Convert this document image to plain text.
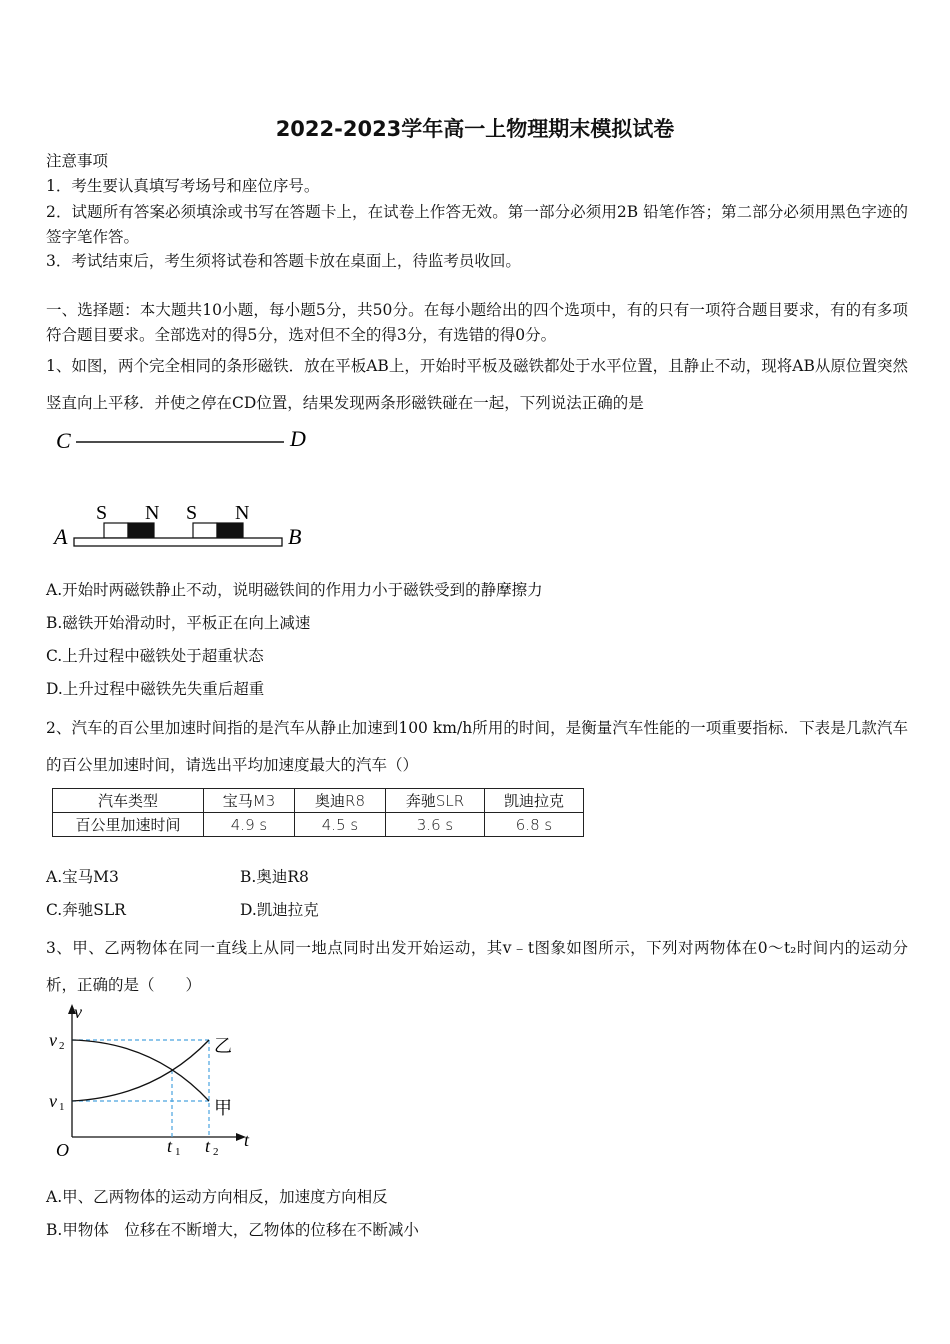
2022-2023学年高一上物理期末模拟试卷
注意事项
1．考生要认真填写考场号和座位序号。
2．试题所有答案必须填涂或书写在答题卡上，在试卷上作答无效。第一部分必须用2B 铅笔作答；第二部分必须用黑色字迹的签字笔作答。
3．考试结束后，考生须将试卷和答题卡放在桌面上，待监考员收回。
一、选择题：本大题共10小题，每小题5分，共50分。在每小题给出的四个选项中，有的只有一项符合题目要求，有的有多项符合题目要求。全部选对的得5分，选对但不全的得3分，有选错的得0分。
1、如图，两个完全相同的条形磁铁．放在平板AB上，开始时平板及磁铁都处于水平位置，且静止不动，现将AB从原位置突然竖直向上平移．并使之停在CD位置，结果发现两条形磁铁碰在一起，下列说法正确的是
C	D
S N S N
A	B
A.开始时两磁铁静止不动，说明磁铁间的作用力小于磁铁受到的静摩擦力
B.磁铁开始滑动时，平板正在向上减速
C.上升过程中磁铁处于超重状态
D.上升过程中磁铁先失重后超重
2、汽车的百公里加速时间指的是汽车从静止加速到100 km/h所用的时间，是衡量汽车性能的一项重要指标．下表是几款汽车的百公里加速时间，请选出平均加速度最大的汽车（）
汽车类型	宝马M3	奥迪R8	奔驰SLR	凯迪拉克
百公里加速时间	4.9 s	4.5 s	3.6 s	6.8 s
A.宝马M3	B.奥迪R8
C.奔驰SLR	D.凯迪拉克
3、甲、乙两物体在同一直线上从同一地点同时出发开始运动，其v﹣t图象如图所示，下列对两物体在0～t₂时间内的运动分析，正确的是（　　）
v
t
O
v 2
v 1
t 1 t 2
乙
甲
A.甲、乙两物体的运动方向相反，加速度方向相反
B.甲物体　位移在不断增大，乙物体的位移在不断减小
